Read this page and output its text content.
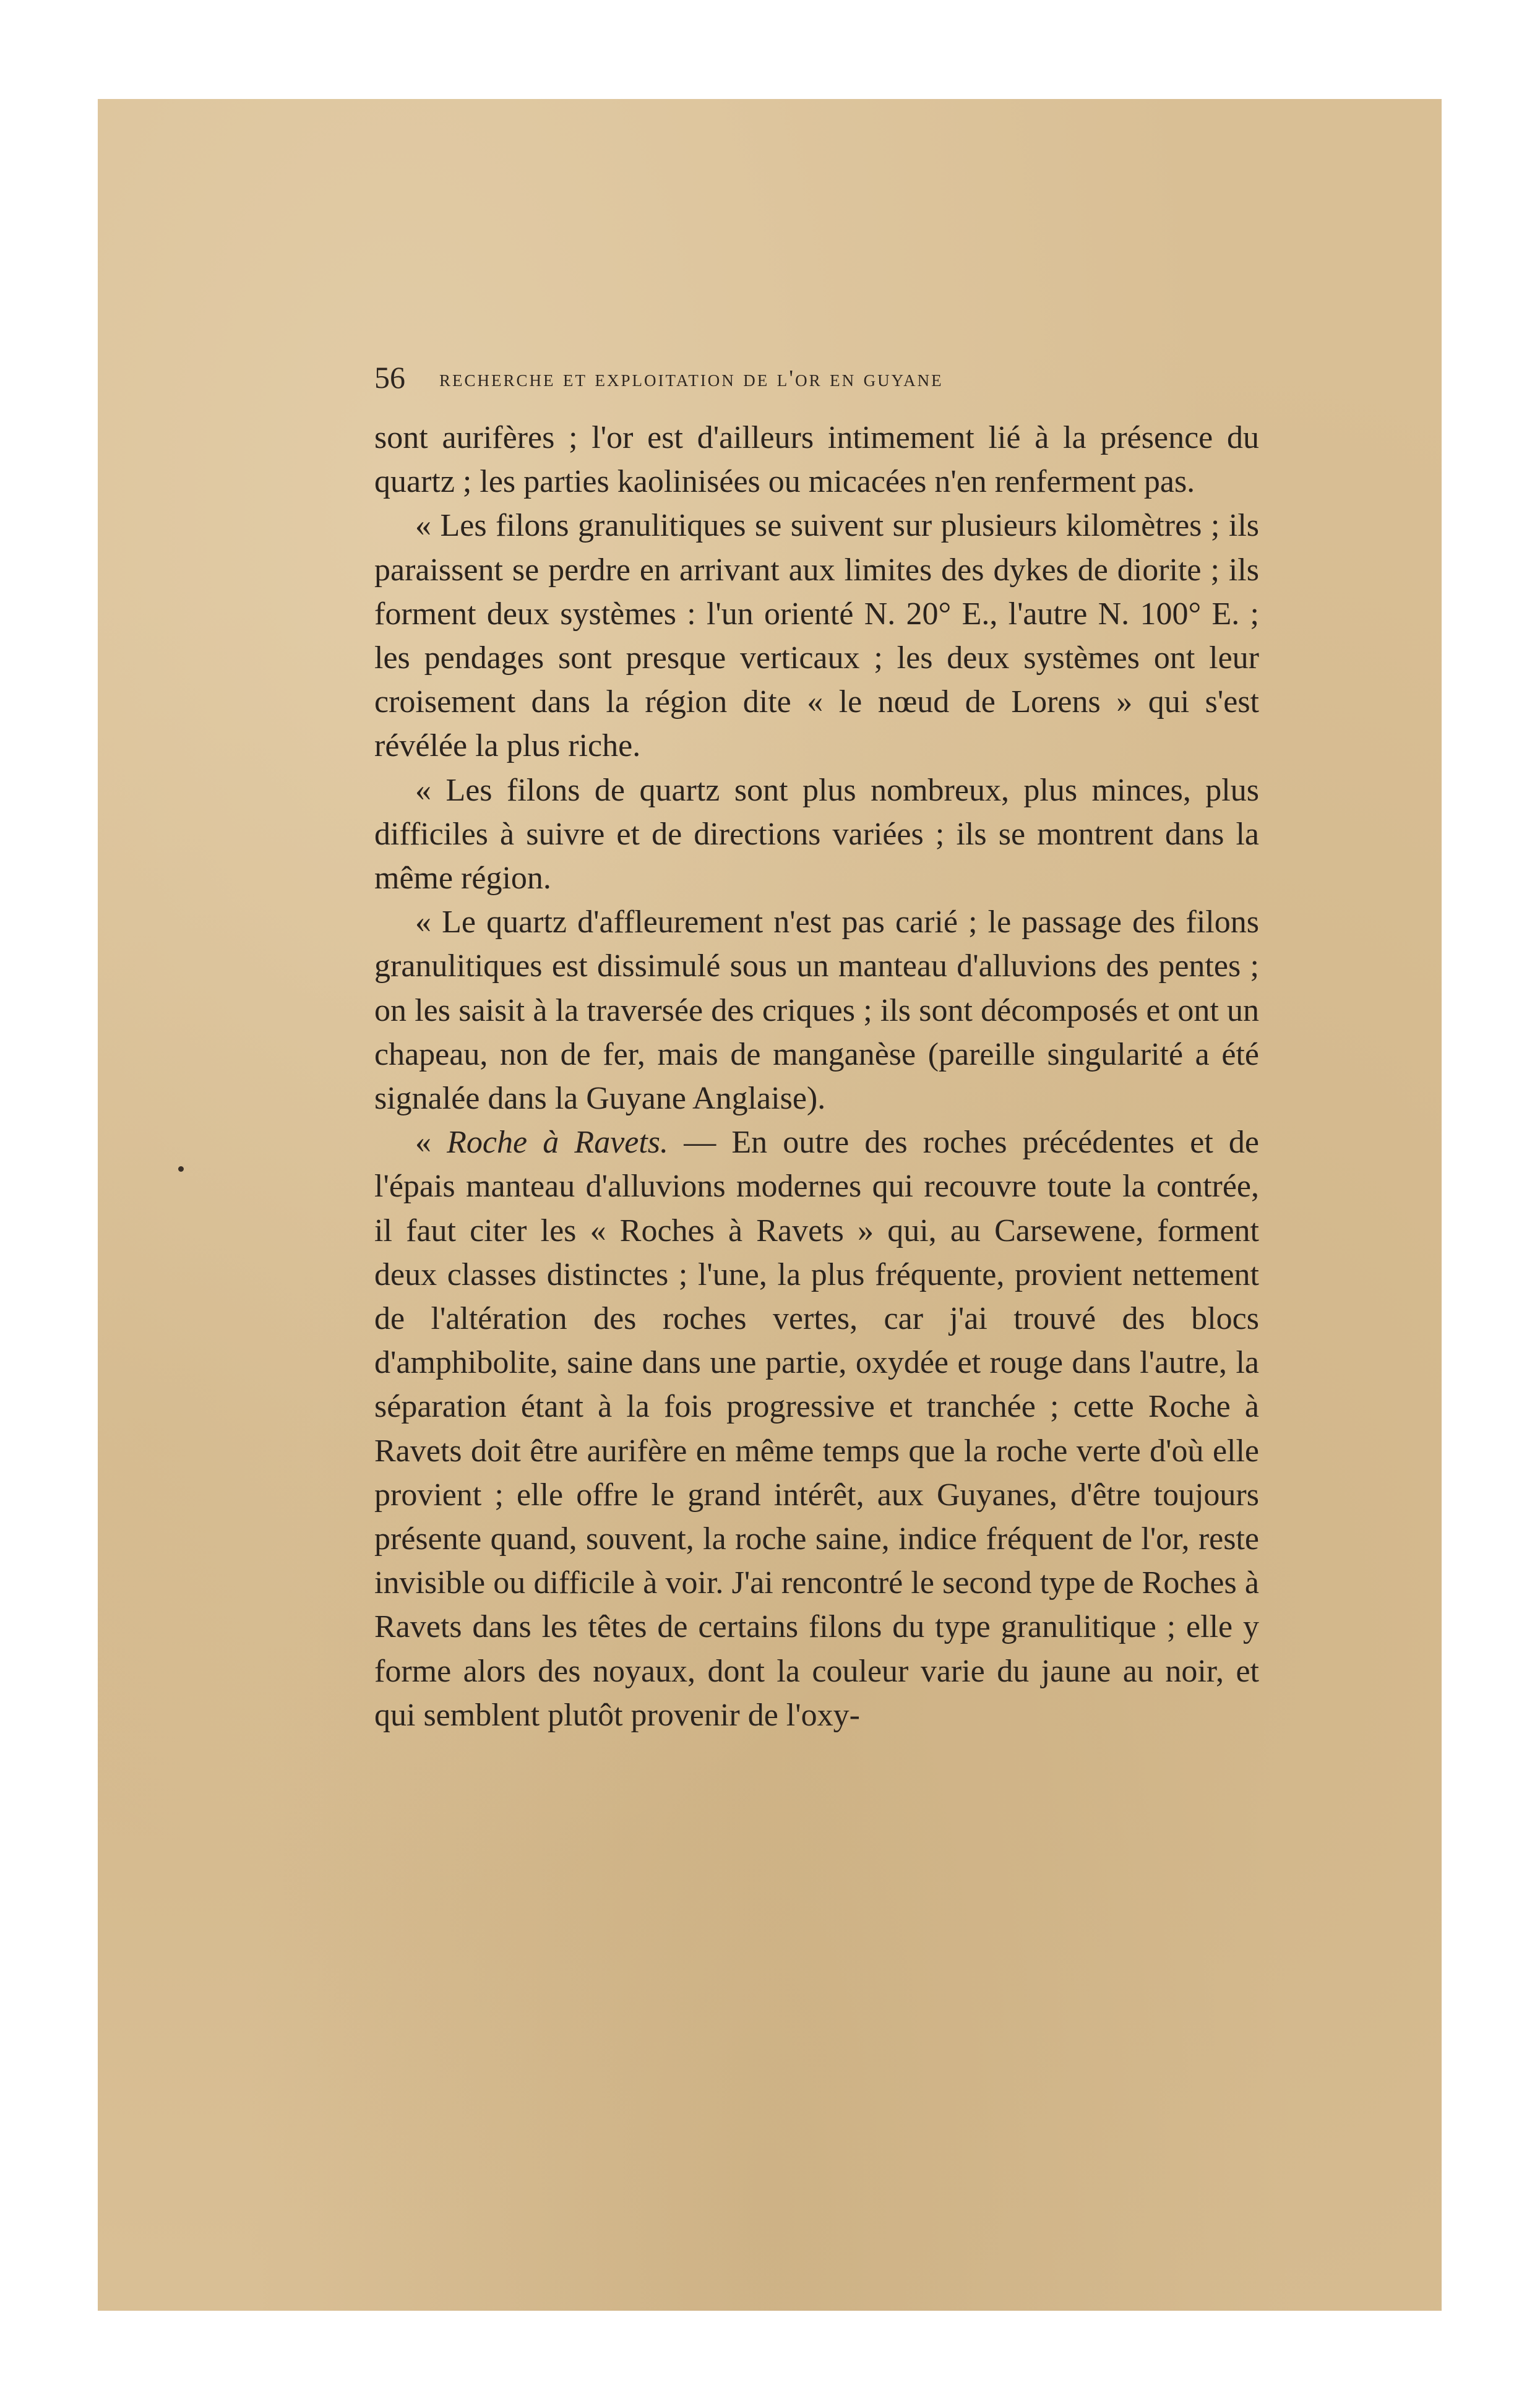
56 recherche et exploitation de l'or en guyane

sont aurifères ; l'or est d'ailleurs intimement lié à la présence du quartz ; les parties kaolinisées ou micacées n'en renferment pas.

« Les filons granulitiques se suivent sur plusieurs kilomètres ; ils paraissent se perdre en arrivant aux limites des dykes de diorite ; ils forment deux systèmes : l'un orienté N. 20° E., l'autre N. 100° E. ; les pendages sont presque verticaux ; les deux systèmes ont leur croisement dans la région dite « le nœud de Lorens » qui s'est révélée la plus riche.

« Les filons de quartz sont plus nombreux, plus minces, plus difficiles à suivre et de directions variées ; ils se montrent dans la même région.

« Le quartz d'affleurement n'est pas carié ; le passage des filons granulitiques est dissimulé sous un manteau d'alluvions des pentes ; on les saisit à la traversée des criques ; ils sont décomposés et ont un chapeau, non de fer, mais de manganèse (pareille singularité a été signalée dans la Guyane Anglaise).

« Roche à Ravets. — En outre des roches précédentes et de l'épais manteau d'alluvions modernes qui recouvre toute la contrée, il faut citer les « Roches à Ravets » qui, au Carsewene, forment deux classes distinctes ; l'une, la plus fréquente, provient nettement de l'altération des roches vertes, car j'ai trouvé des blocs d'amphibolite, saine dans une partie, oxydée et rouge dans l'autre, la séparation étant à la fois progressive et tranchée ; cette Roche à Ravets doit être aurifère en même temps que la roche verte d'où elle provient ; elle offre le grand intérêt, aux Guyanes, d'être toujours présente quand, souvent, la roche saine, indice fréquent de l'or, reste invisible ou difficile à voir. J'ai rencontré le second type de Roches à Ravets dans les têtes de certains filons du type granulitique ; elle y forme alors des noyaux, dont la couleur varie du jaune au noir, et qui semblent plutôt provenir de l'oxy-
